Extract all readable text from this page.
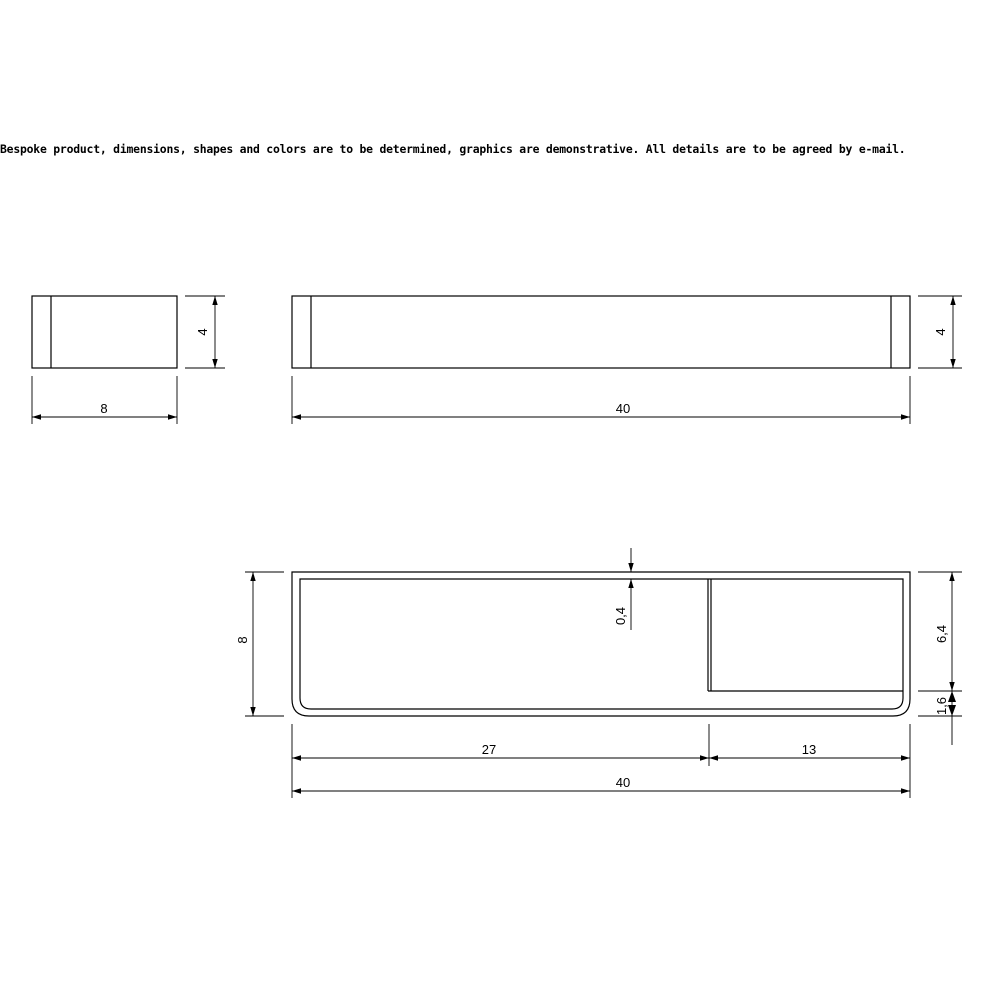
Bespoke product, dimensions, shapes and colors are to be determined, graphics are demonstrative. All details are to be agreed by e-mail.
4
8
4
40
0,4
8	6,4
1,6
27	13
40
